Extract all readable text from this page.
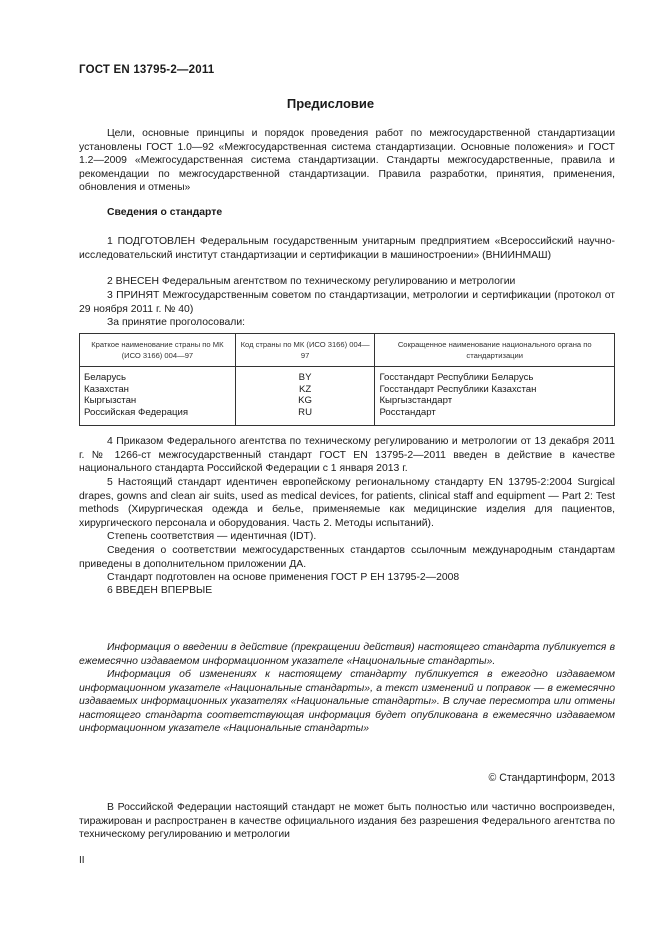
ГОСТ EN 13795-2—2011
Предисловие
Цели, основные принципы и порядок проведения работ по межгосударственной стандартизации установлены ГОСТ 1.0—92 «Межгосударственная система стандартизации. Основные положения» и ГОСТ 1.2—2009 «Межгосударственная система стандартизации. Стандарты межгосударственные, правила и рекомендации по межгосударственной стандартизации. Правила разработки, принятия, применения, обновления и отмены»
Сведения о стандарте
1 ПОДГОТОВЛЕН Федеральным государственным унитарным предприятием «Всероссийский научно-исследовательский институт стандартизации и сертификации в машиностроении» (ВНИИНМАШ)
2 ВНЕСЕН Федеральным агентством по техническому регулированию и метрологии
3 ПРИНЯТ Межгосударственным советом по стандартизации, метрологии и сертификации (протокол от 29 ноября 2011 г. № 40)
За принятие проголосовали:
Краткое наименование страны по МК (ИСО 3166) 004—97	Код страны по МК (ИСО 3166) 004—97	Сокращенное наименование национального органа по стандартизации
Беларусь	BY	Госстандарт Республики Беларусь
Казахстан	KZ	Госстандарт Республики Казахстан
Кыргызстан	KG	Кыргызстандарт
Российская Федерация	RU	Росстандарт
4 Приказом Федерального агентства по техническому регулированию и метрологии от 13 декабря 2011 г. № 1266-ст межгосударственный стандарт ГОСТ EN 13795-2—2011 введен в действие в качестве национального стандарта Российской Федерации с 1 января 2013 г.
5 Настоящий стандарт идентичен европейскому региональному стандарту EN 13795-2:2004 Surgical drapes, gowns and clean air suits, used as medical devices, for patients, clinical staff and equipment — Part 2: Test methods (Хирургическая одежда и белье, применяемые как медицинские изделия для пациентов, хирургического персонала и оборудования. Часть 2. Методы испытаний).
Степень соответствия — идентичная (IDT).
Сведения о соответствии межгосударственных стандартов ссылочным международным стандартам приведены в дополнительном приложении ДА.
Стандарт подготовлен на основе применения ГОСТ Р ЕН 13795-2—2008
6 ВВЕДЕН ВПЕРВЫЕ
Информация о введении в действие (прекращении действия) настоящего стандарта публикуется в ежемесячно издаваемом информационном указателе «Национальные стандарты».
Информация об изменениях к настоящему стандарту публикуется в ежегодно издаваемом информационном указателе «Национальные стандарты», а текст изменений и поправок — в ежемесячно издаваемых информационных указателях «Национальные стандарты». В случае пересмотра или отмены настоящего стандарта соответствующая информация будет опубликована в ежемесячно издаваемом информационном указателе «Национальные стандарты»
© Стандартинформ, 2013
В Российской Федерации настоящий стандарт не может быть полностью или частично воспроизведен, тиражирован и распространен в качестве официального издания без разрешения Федерального агентства по техническому регулированию и метрологии
II
